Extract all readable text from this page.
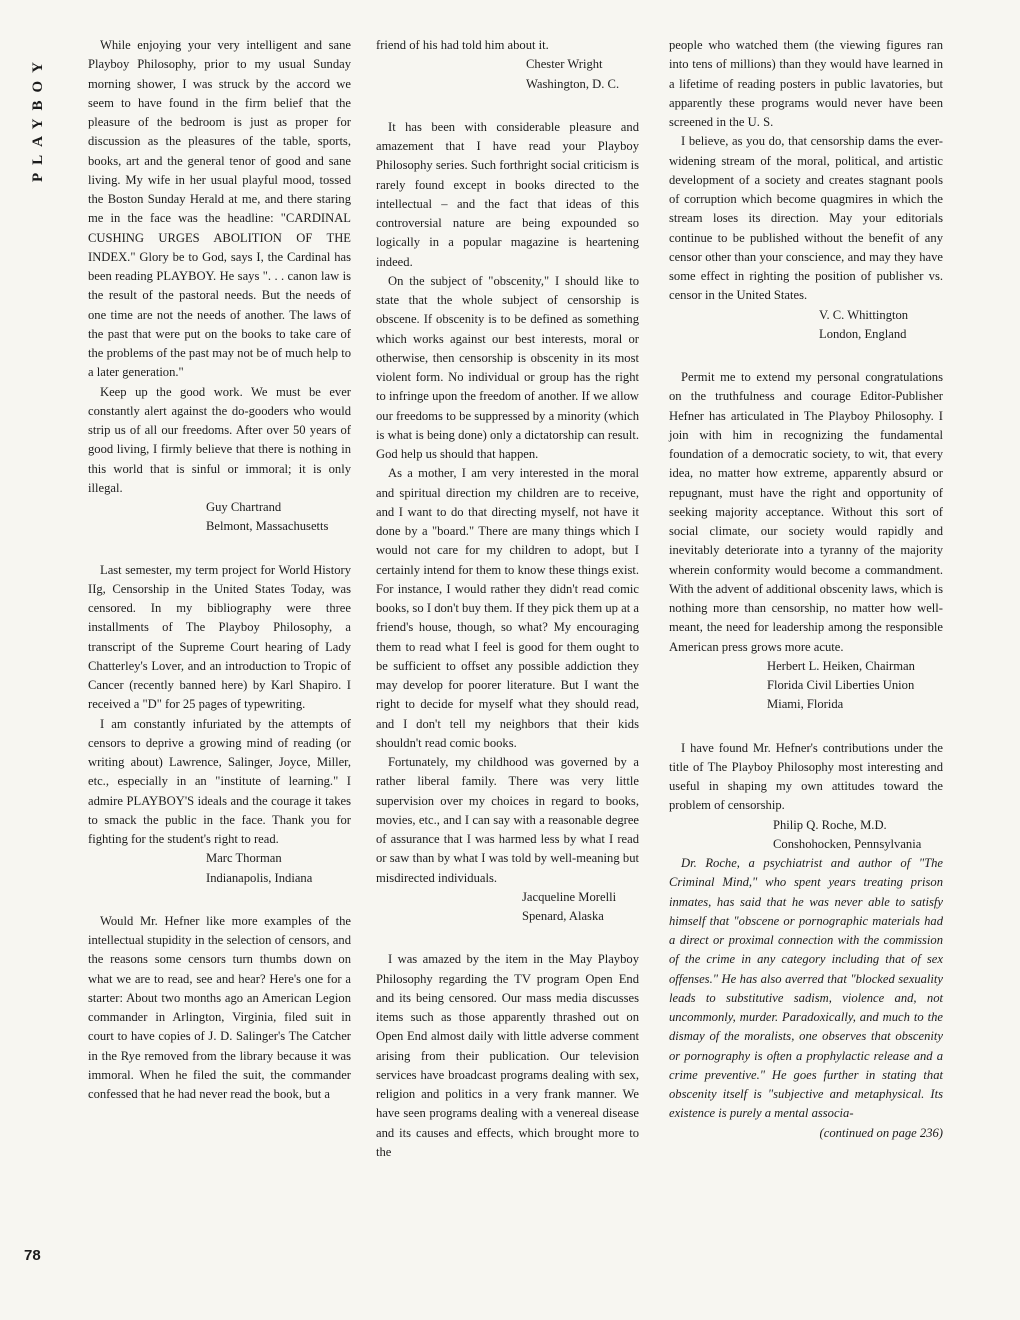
PLAYBOY
78

While enjoying your very intelligent and sane Playboy Philosophy, prior to my usual Sunday morning shower, I was struck by the accord we seem to have found in the firm belief that the pleasure of the bedroom is just as proper for discussion as the pleasures of the table, sports, books, art and the general tenor of good and sane living. My wife in her usual playful mood, tossed the Boston Sunday Herald at me, and there staring me in the face was the headline: "CARDINAL CUSHING URGES ABOLITION OF THE INDEX." Glory be to God, says I, the Cardinal has been reading PLAYBOY. He says ". . . canon law is the result of the pastoral needs. But the needs of one time are not the needs of another. The laws of the past that were put on the books to take care of the problems of the past may not be of much help to a later generation."

Keep up the good work. We must be ever constantly alert against the do-gooders who would strip us of all our freedoms. After over 50 years of good living, I firmly believe that there is nothing in this world that is sinful or immoral; it is only illegal.

Guy Chartrand
Belmont, Massachusetts

Last semester, my term project for World History IIg, Censorship in the United States Today, was censored. In my bibliography were three installments of The Playboy Philosophy, a transcript of the Supreme Court hearing of Lady Chatterley's Lover, and an introduction to Tropic of Cancer (recently banned here) by Karl Shapiro. I received a "D" for 25 pages of typewriting.

I am constantly infuriated by the attempts of censors to deprive a growing mind of reading (or writing about) Lawrence, Salinger, Joyce, Miller, etc., especially in an "institute of learning." I admire PLAYBOY'S ideals and the courage it takes to smack the public in the face. Thank you for fighting for the student's right to read.

Marc Thorman
Indianapolis, Indiana

Would Mr. Hefner like more examples of the intellectual stupidity in the selection of censors, and the reasons some censors turn thumbs down on what we are to read, see and hear? Here's one for a starter: About two months ago an American Legion commander in Arlington, Virginia, filed suit in court to have copies of J. D. Salinger's The Catcher in the Rye removed from the library because it was immoral. When he filed the suit, the commander confessed that he had never read the book, but a

friend of his had told him about it.

Chester Wright
Washington, D. C.

It has been with considerable pleasure and amazement that I have read your Playboy Philosophy series. Such forthright social criticism is rarely found except in books directed to the intellectual – and the fact that ideas of this controversial nature are being expounded so logically in a popular magazine is heartening indeed.

On the subject of "obscenity," I should like to state that the whole subject of censorship is obscene. If obscenity is to be defined as something which works against our best interests, moral or otherwise, then censorship is obscenity in its most violent form. No individual or group has the right to infringe upon the freedom of another. If we allow our freedoms to be suppressed by a minority (which is what is being done) only a dictatorship can result. God help us should that happen.

As a mother, I am very interested in the moral and spiritual direction my children are to receive, and I want to do that directing myself, not have it done by a "board." There are many things which I would not care for my children to adopt, but I certainly intend for them to know these things exist. For instance, I would rather they didn't read comic books, so I don't buy them. If they pick them up at a friend's house, though, so what? My encouraging them to read what I feel is good for them ought to be sufficient to offset any possible addiction they may develop for poorer literature. But I want the right to decide for myself what they should read, and I don't tell my neighbors that their kids shouldn't read comic books.

Fortunately, my childhood was governed by a rather liberal family. There was very little supervision over my choices in regard to books, movies, etc., and I can say with a reasonable degree of assurance that I was harmed less by what I read or saw than by what I was told by well-meaning but misdirected individuals.

Jacqueline Morelli
Spenard, Alaska

I was amazed by the item in the May Playboy Philosophy regarding the TV program Open End and its being censored. Our mass media discusses items such as those apparently thrashed out on Open End almost daily with little adverse comment arising from their publication. Our television services have broadcast programs dealing with sex, religion and politics in a very frank manner. We have seen programs dealing with a venereal disease and its causes and effects, which brought more to the

people who watched them (the viewing figures ran into tens of millions) than they would have learned in a lifetime of reading posters in public lavatories, but apparently these programs would never have been screened in the U. S.

I believe, as you do, that censorship dams the ever-widening stream of the moral, political, and artistic development of a society and creates stagnant pools of corruption which become quagmires in which the stream loses its direction. May your editorials continue to be published without the benefit of any censor other than your conscience, and may they have some effect in righting the position of publisher vs. censor in the United States.

V. C. Whittington
London, England

Permit me to extend my personal congratulations on the truthfulness and courage Editor-Publisher Hefner has articulated in The Playboy Philosophy. I join with him in recognizing the fundamental foundation of a democratic society, to wit, that every idea, no matter how extreme, apparently absurd or repugnant, must have the right and opportunity of seeking majority acceptance. Without this sort of social climate, our society would rapidly and inevitably deteriorate into a tyranny of the majority wherein conformity would become a commandment. With the advent of additional obscenity laws, which is nothing more than censorship, no matter how well-meant, the need for leadership among the responsible American press grows more acute.

Herbert L. Heiken, Chairman
Florida Civil Liberties Union
Miami, Florida

I have found Mr. Hefner's contributions under the title of The Playboy Philosophy most interesting and useful in shaping my own attitudes toward the problem of censorship.

Philip Q. Roche, M.D.
Conshohocken, Pennsylvania

Dr. Roche, a psychiatrist and author of "The Criminal Mind," who spent years treating prison inmates, has said that he was never able to satisfy himself that "obscene or pornographic materials had a direct or proximal connection with the commission of the crime in any category including that of sex offenses." He has also averred that "blocked sexuality leads to substitutive sadism, violence and, not uncommonly, murder. Paradoxically, and much to the dismay of the moralists, one observes that obscenity or pornography is often a prophylactic release and a crime preventive." He goes further in stating that obscenity itself is "subjective and metaphysical. Its existence is purely a mental associa-

(continued on page 236)
